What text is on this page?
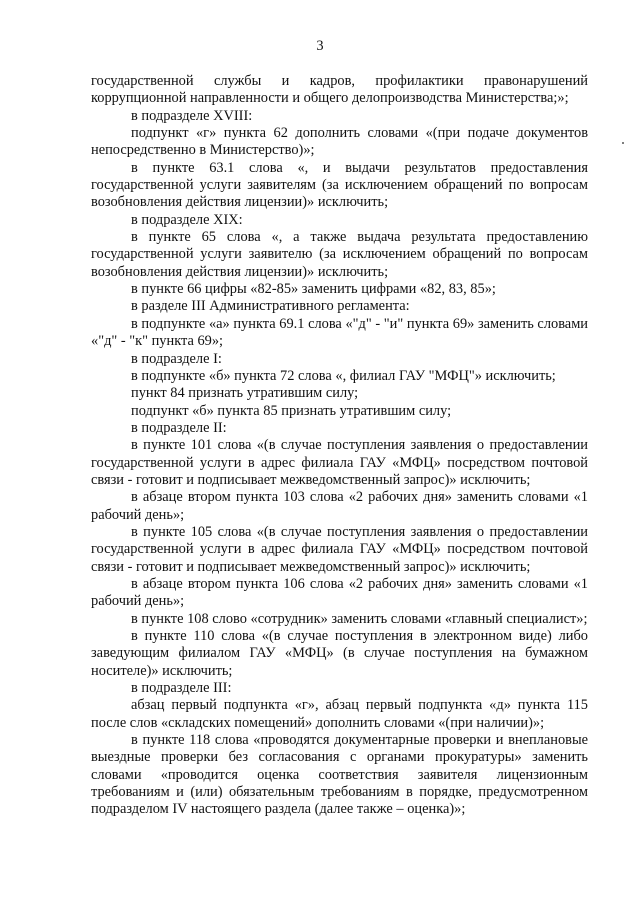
3

государственной службы и кадров, профилактики правонарушений коррупционной направленности и общего делопроизводства Министерства;»;

в подразделе XVIII:

подпункт «г» пункта 62 дополнить словами «(при подаче документов непосредственно в Министерство)»;

в пункте 63.1 слова «, и выдачи результатов предоставления государственной услуги заявителям (за исключением обращений по вопросам возобновления действия лицензии)» исключить;

в подразделе XIX:

в пункте 65 слова «, а также выдача результата предоставлению государственной услуги заявителю (за исключением обращений по вопросам возобновления действия лицензии)» исключить;

в пункте 66 цифры «82-85» заменить цифрами «82, 83, 85»;

в разделе III Административного регламента:

в подпункте «а» пункта 69.1 слова «"д" - "и" пункта 69» заменить словами «"д" - "к" пункта 69»;

в подразделе I:

в подпункте «б» пункта 72 слова «, филиал ГАУ "МФЦ"» исключить;

пункт 84 признать утратившим силу;

подпункт «б» пункта 85 признать утратившим силу;

в подразделе II:

в пункте 101 слова «(в случае поступления заявления о предоставлении государственной услуги в адрес филиала ГАУ «МФЦ» посредством почтовой связи - готовит и подписывает межведомственный запрос)» исключить;

в абзаце втором пункта 103 слова «2 рабочих дня» заменить словами «1 рабочий день»;

в пункте 105 слова «(в случае поступления заявления о предоставлении государственной услуги в адрес филиала ГАУ «МФЦ» посредством почтовой связи - готовит и подписывает межведомственный запрос)» исключить;

в абзаце втором пункта 106 слова «2 рабочих дня» заменить словами «1 рабочий день»;

в пункте 108 слово «сотрудник» заменить словами «главный специалист»;

в пункте 110 слова «(в случае поступления в электронном виде) либо заведующим филиалом ГАУ «МФЦ» (в случае поступления на бумажном носителе)» исключить;

в подразделе III:

абзац первый подпункта «г», абзац первый подпункта «д» пункта 115 после слов «складских помещений» дополнить словами «(при наличии)»;

в пункте 118 слова «проводятся документарные проверки и внеплановые выездные проверки без согласования с органами прокуратуры» заменить словами «проводится оценка соответствия заявителя лицензионным требованиям и (или) обязательным требованиям в порядке, предусмотренном подразделом IV настоящего раздела (далее также – оценка)»;
